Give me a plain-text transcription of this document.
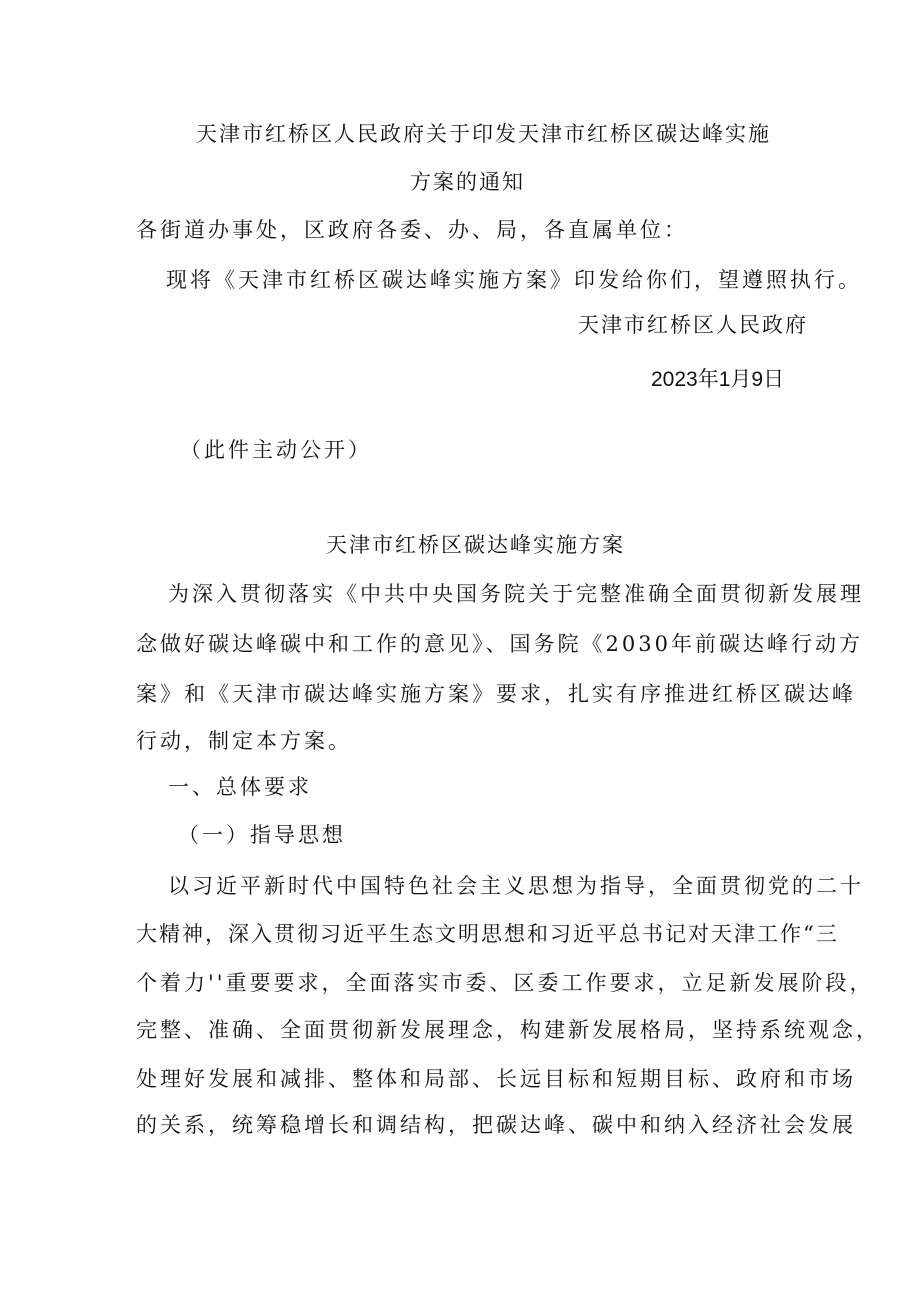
天津市红桥区人民政府关于印发天津市红桥区碳达峰实施
方案的通知
各街道办事处，区政府各委、办、局，各直属单位：
现将《天津市红桥区碳达峰实施方案》印发给你们，望遵照执行。
天津市红桥区人民政府
2023年1月9日
（此件主动公开）
天津市红桥区碳达峰实施方案
为深入贯彻落实《中共中央国务院关于完整准确全面贯彻新发展理
念做好碳达峰碳中和工作的意见》、国务院《2030年前碳达峰行动方
案》和《天津市碳达峰实施方案》要求，扎实有序推进红桥区碳达峰
行动，制定本方案。
一、总体要求
（一）指导思想
以习近平新时代中国特色社会主义思想为指导，全面贯彻党的二十
大精神，深入贯彻习近平生态文明思想和习近平总书记对天津工作“三
个着力''重要要求，全面落实市委、区委工作要求，立足新发展阶段，
完整、准确、全面贯彻新发展理念，构建新发展格局，坚持系统观念，
处理好发展和减排、整体和局部、长远目标和短期目标、政府和市场
的关系，统筹稳增长和调结构，把碳达峰、碳中和纳入经济社会发展
